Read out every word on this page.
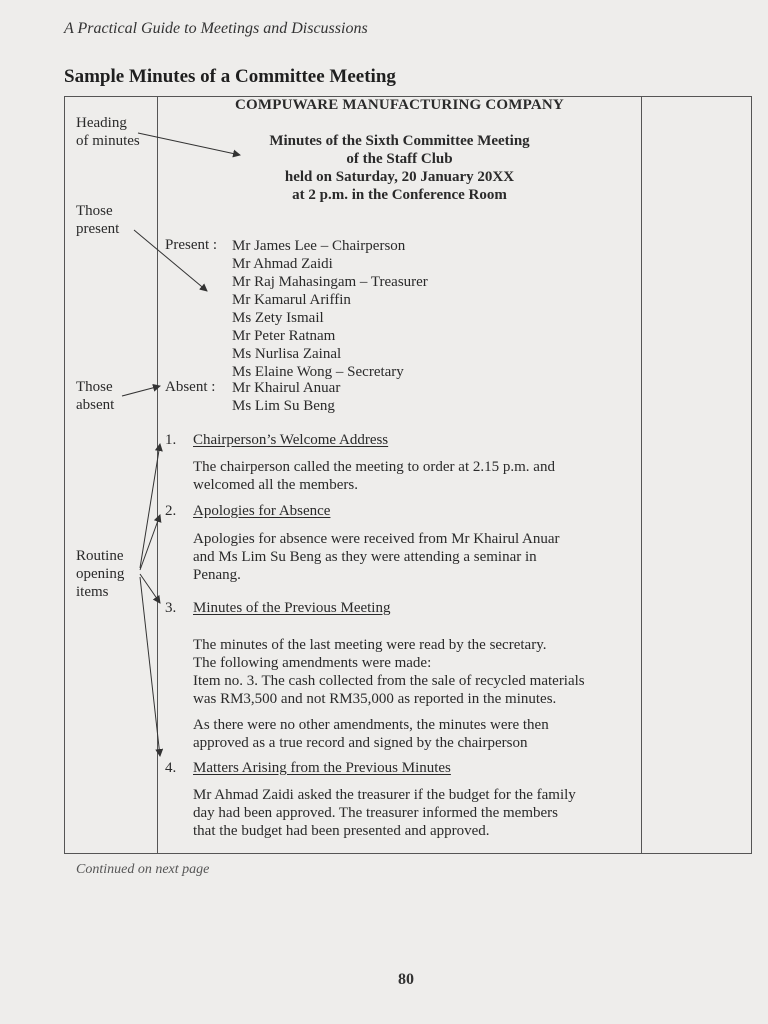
A Practical Guide to Meetings and Discussions
Sample Minutes of a Committee Meeting
Heading
of minutes
Those
present
Those
absent
Routine
opening
items
COMPUWARE MANUFACTURING COMPANY
Minutes of the Sixth Committee Meeting
of the Staff Club
held on Saturday, 20 January 20XX
at 2 p.m. in the Conference Room
Present : Mr James Lee – Chairperson
Mr Ahmad Zaidi
Mr Raj Mahasingam – Treasurer
Mr Kamarul Ariffin
Ms Zety Ismail
Mr Peter Ratnam
Ms Nurlisa Zainal
Ms Elaine Wong – Secretary
Absent : Mr Khairul Anuar
Ms Lim Su Beng
1. Chairperson’s Welcome Address
The chairperson called the meeting to order at 2.15 p.m. and
welcomed all the members.
2. Apologies for Absence
Apologies for absence were received from Mr Khairul Anuar
and Ms Lim Su Beng as they were attending a seminar in
Penang.
3. Minutes of the Previous Meeting
The minutes of the last meeting were read by the secretary.
The following amendments were made:
Item no. 3. The cash collected from the sale of recycled materials
was RM3,500 and not RM35,000 as reported in the minutes.
As there were no other amendments, the minutes were then
approved as a true record and signed by the chairperson
4. Matters Arising from the Previous Minutes
Mr Ahmad Zaidi asked the treasurer if the budget for the family
day had been approved. The treasurer informed the members
that the budget had been presented and approved.
Continued on next page
80
